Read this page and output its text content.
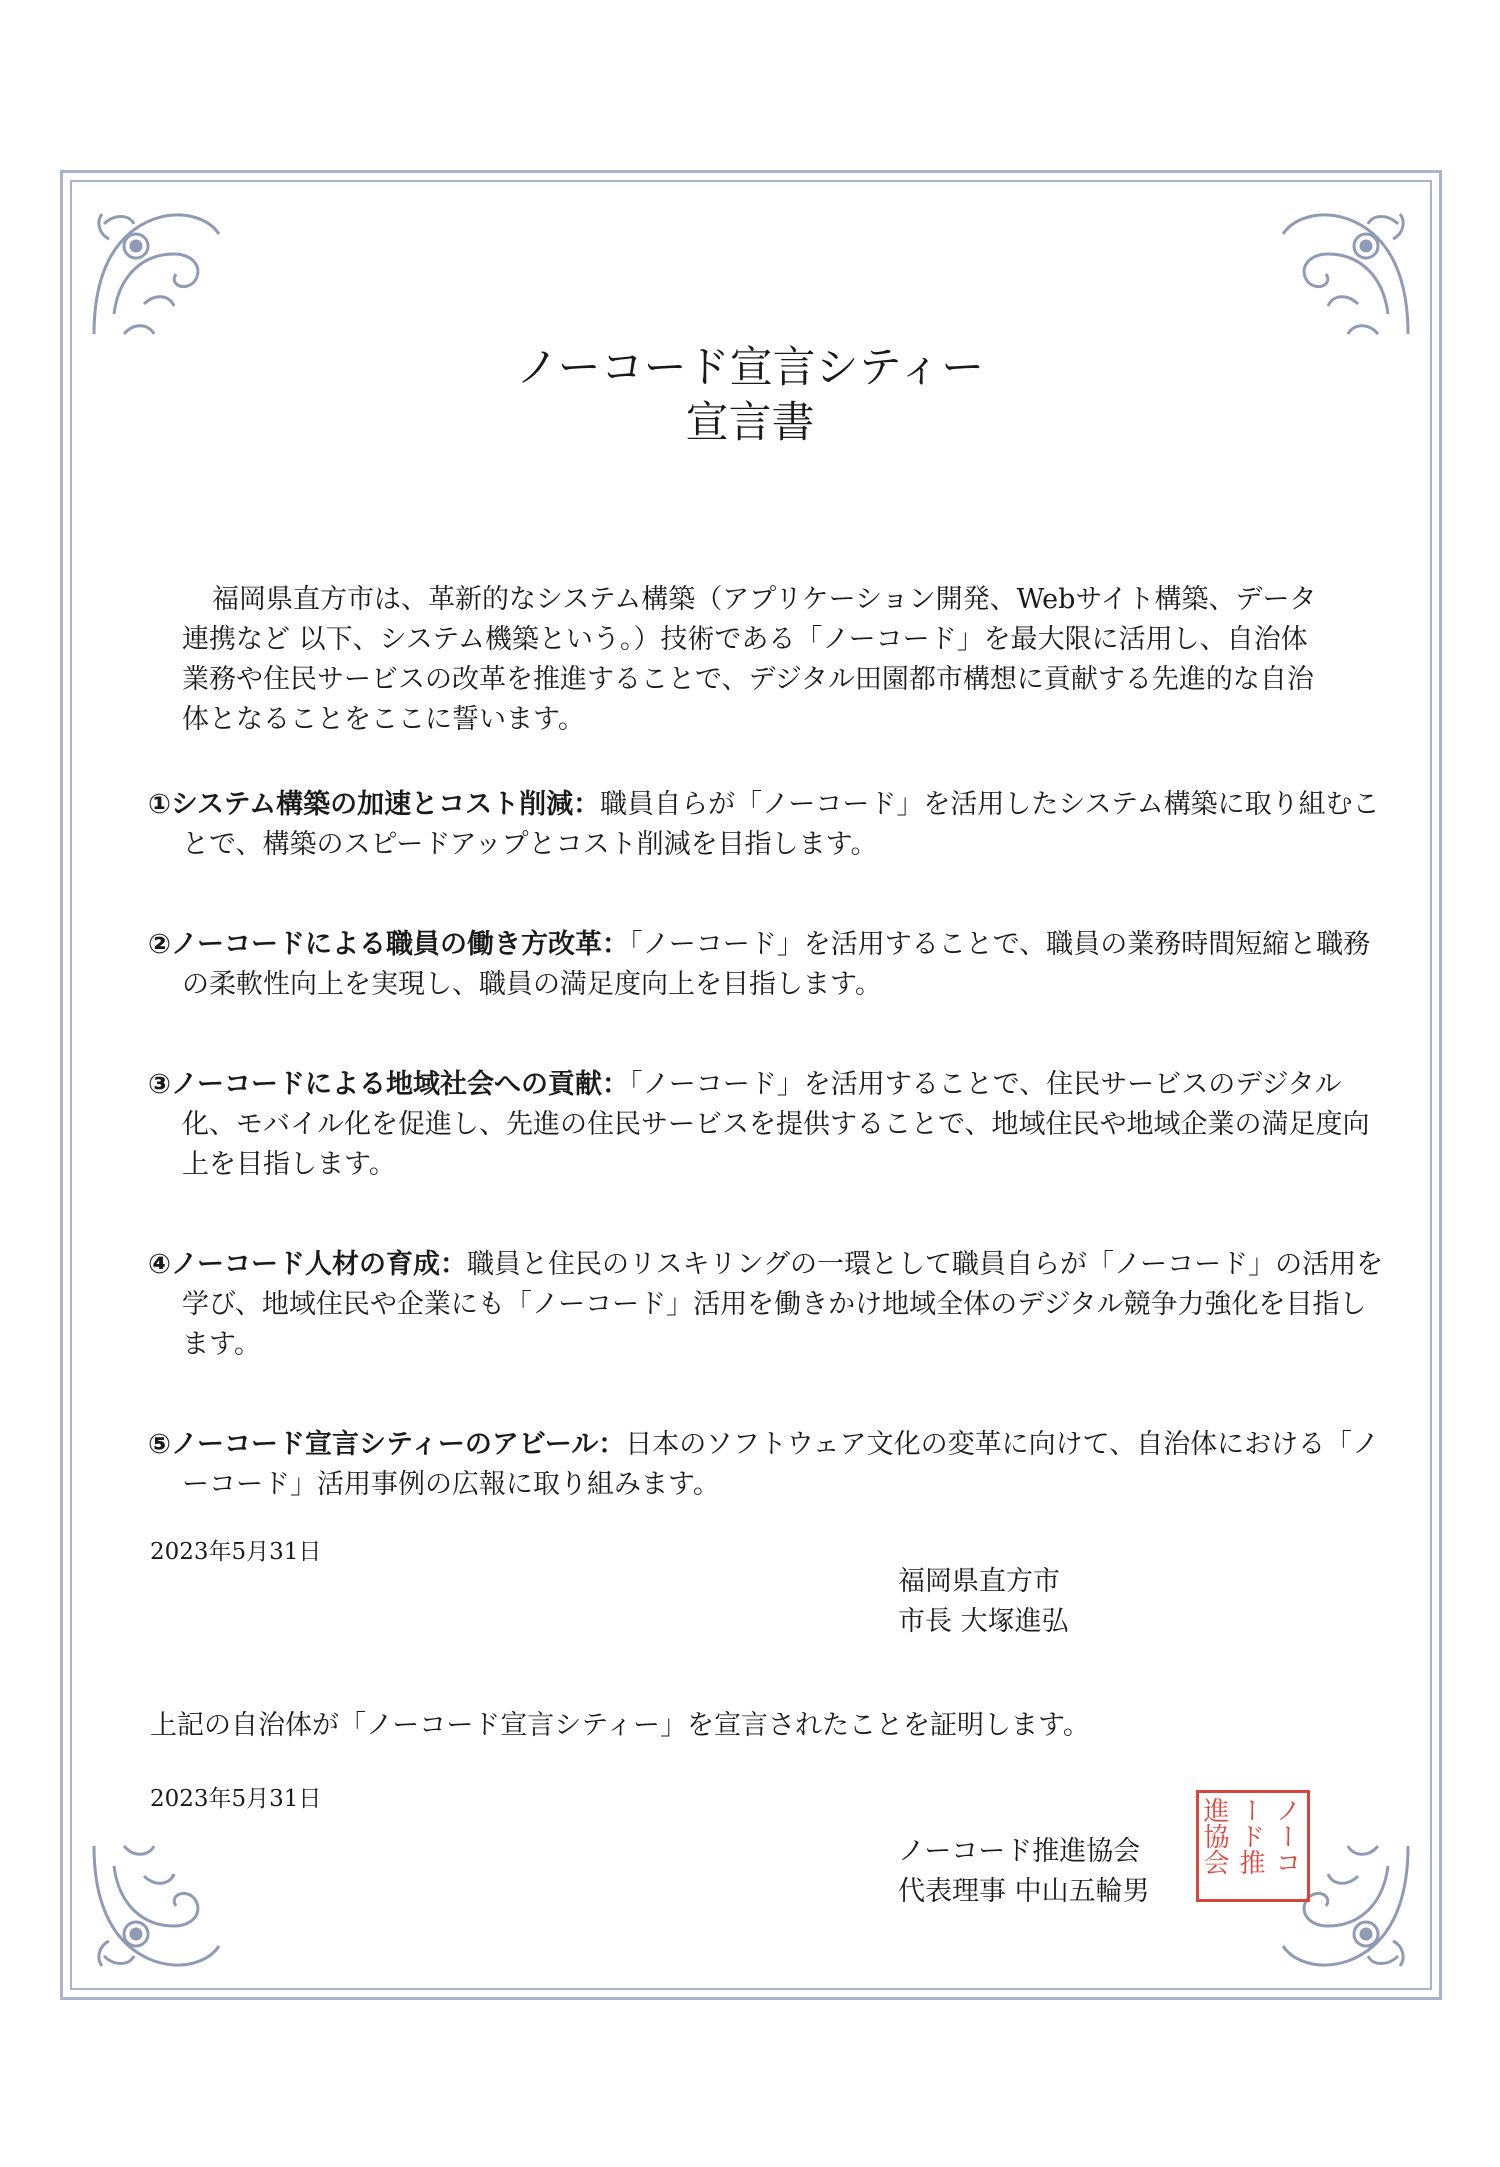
ノーコード宣言シティー
宣言書

福岡県直方市は、革新的なシステム構築（アプリケーション開発、Webサイト構築、データ連携など 以下、システム機築という。）技術である「ノーコード」を最大限に活用し、自治体業務や住民サービスの改革を推進することで、デジタル田園都市構想に貢献する先進的な自治体となることをここに誓います。

①システム構築の加速とコスト削減：職員自らが「ノーコード」を活用したシステム構築に取り組むことで、構築のスピードアップとコスト削減を目指します。
②ノーコードによる職員の働き方改革：「ノーコード」を活用することで、職員の業務時間短縮と職務の柔軟性向上を実現し、職員の満足度向上を目指します。
③ノーコードによる地域社会への貢献：「ノーコード」を活用することで、住民サービスのデジタル化、モバイル化を促進し、先進の住民サービスを提供することで、地域住民や地域企業の満足度向上を目指します。
④ノーコード人材の育成：職員と住民のリスキリングの一環として職員自らが「ノーコード」の活用を学び、地域住民や企業にも「ノーコード」活用を働きかけ地域全体のデジタル競争力強化を目指します。
⑤ノーコード宣言シティーのアビール：日本のソフトウェア文化の変革に向けて、自治体における「ノーコード」活用事例の広報に取り組みます。
2023年5月31日
福岡県直方市
市長 大塚進弘
上記の自治体が「ノーコード宣言シティー」を宣言されたことを証明します。
2023年5月31日
ノーコード推進協会
代表理事 中山五輪男
ノーコ
ード推
進協会
